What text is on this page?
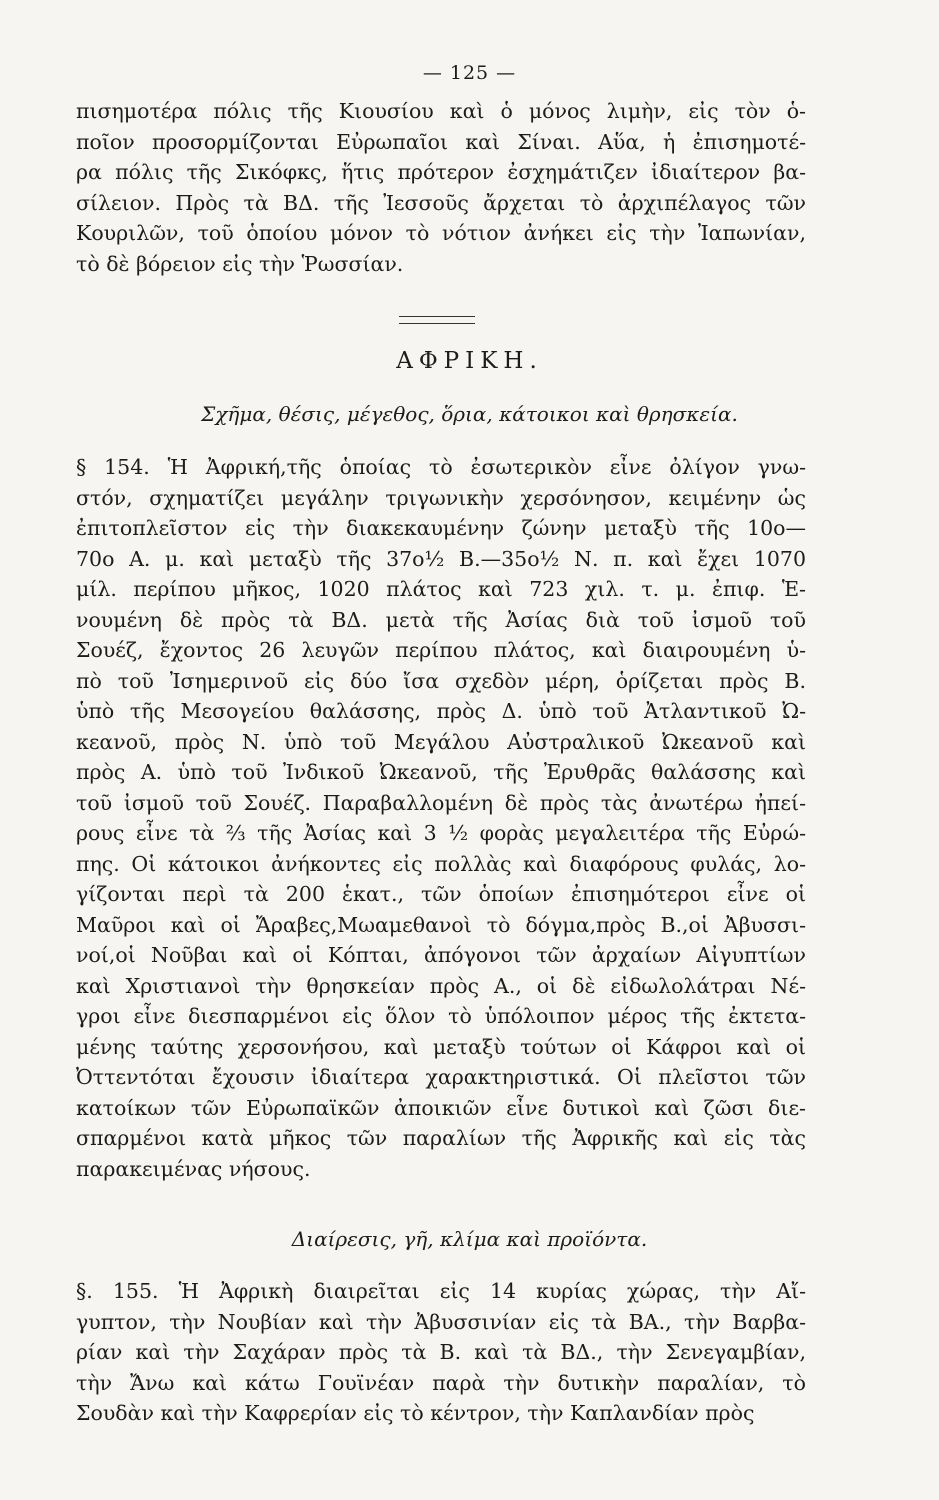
— 125 —
πισημοτέρα πόλις τῆς Κιουσίου καὶ ὁ μόνος λιμὴν, εἰς τὸν ὁ-
ποῖον προσορμίζονται Εὐρωπαῖοι καὶ Σίναι. Αὕα, ἡ ἐπισημοτέ-
ρα πόλις τῆς Σικόφκς, ἥτις πρότερον ἐσχημάτιζεν ἰδιαίτερον βα-
σίλειον. Πρὸς τὰ ΒΔ. τῆς Ἰεσσοῦς ἄρχεται τὸ ἀρχιπέλαγος τῶν
Κουριλῶν, τοῦ ὁποίου μόνον τὸ νότιον ἀνήκει εἰς τὴν Ἰαπωνίαν,
τὸ δὲ βόρειον εἰς τὴν Ῥωσσίαν.
ΑΦΡΙΚΗ.
Σχῆμα, θέσις, μέγεθος, ὅρια, κάτοικοι καὶ θρησκεία.
§ 154. Ἡ Ἀφρική,τῆς ὁποίας τὸ ἐσωτερικὸν εἶνε ὀλίγον γνω-
στόν, σχηματίζει μεγάλην τριγωνικὴν χερσόνησον, κειμένην ὡς
ἐπιτοπλεῖστον εἰς τὴν διακεκαυμένην ζώνην μεταξὺ τῆς 10ο—
70ο Α. μ. καὶ μεταξὺ τῆς 37ο½ Β.—35ο½ Ν. π. καὶ ἔχει 1070
μίλ. περίπου μῆκος, 1020 πλάτος καὶ 723 χιλ. τ. μ. ἐπιφ. Ἑ-
νουμένη δὲ πρὸς τὰ ΒΔ. μετὰ τῆς Ἀσίας διὰ τοῦ ἰσμοῦ τοῦ
Σουέζ, ἔχοντος 26 λευγῶν περίπου πλάτος, καὶ διαιρουμένη ὑ-
πὸ τοῦ Ἰσημερινοῦ εἰς δύο ἴσα σχεδὸν μέρη, ὁρίζεται πρὸς Β.
ὑπὸ τῆς Μεσογείου θαλάσσης, πρὸς Δ. ὑπὸ τοῦ Ἀτλαντικοῦ Ὠ-
κεανοῦ, πρὸς Ν. ὑπὸ τοῦ Μεγάλου Αὐστραλικοῦ Ὠκεανοῦ καὶ
πρὸς Α. ὑπὸ τοῦ Ἰνδικοῦ Ὠκεανοῦ, τῆς Ἐρυθρᾶς θαλάσσης καὶ
τοῦ ἰσμοῦ τοῦ Σουέζ. Παραβαλλομένη δὲ πρὸς τὰς ἀνωτέρω ἠπεί-
ρους εἶνε τὰ ⅔ τῆς Ἀσίας καὶ 3 ½ φορὰς μεγαλειτέρα τῆς Εὐρώ-
πης. Οἱ κάτοικοι ἀνήκοντες εἰς πολλὰς καὶ διαφόρους φυλάς, λο-
γίζονται περὶ τὰ 200 ἑκατ., τῶν ὁποίων ἐπισημότεροι εἶνε οἱ
Μαῦροι καὶ οἱ Ἄραβες,Μωαμεθανοὶ τὸ δόγμα,πρὸς Β.,οἱ Ἀβυσσι-
νοί,οἱ Νοῦβαι καὶ οἱ Κόπται, ἀπόγονοι τῶν ἀρχαίων Αἰγυπτίων
καὶ Χριστιανοὶ τὴν θρησκείαν πρὸς Α., οἱ δὲ εἰδωλολάτραι Νέ-
γροι εἶνε διεσπαρμένοι εἰς ὅλον τὸ ὑπόλοιπον μέρος τῆς ἐκτετα-
μένης ταύτης χερσονήσου, καὶ μεταξὺ τούτων οἱ Κάφροι καὶ οἱ
Ὀττεντόται ἔχουσιν ἰδιαίτερα χαρακτηριστικά. Οἱ πλεῖστοι τῶν
κατοίκων τῶν Εὐρωπαϊκῶν ἀποικιῶν εἶνε δυτικοὶ καὶ ζῶσι διε-
σπαρμένοι κατὰ μῆκος τῶν παραλίων τῆς Ἀφρικῆς καὶ εἰς τὰς
παρακειμένας νήσους.
Διαίρεσις, γῆ, κλίμα καὶ προϊόντα.
§. 155. Ἡ Ἀφρικὴ διαιρεῖται εἰς 14 κυρίας χώρας, τὴν Αἴ-
γυπτον, τὴν Νουβίαν καὶ τὴν Ἀβυσσινίαν εἰς τὰ ΒΑ., τὴν Βαρβα-
ρίαν καὶ τὴν Σαχάραν πρὸς τὰ Β. καὶ τὰ ΒΔ., τὴν Σενεγαμβίαν,
τὴν Ἄνω καὶ κάτω Γουϊνέαν παρὰ τὴν δυτικὴν παραλίαν, τὸ
Σουδὰν καὶ τὴν Καφρερίαν εἰς τὸ κέντρον, τὴν Καπλανδίαν πρὸς
